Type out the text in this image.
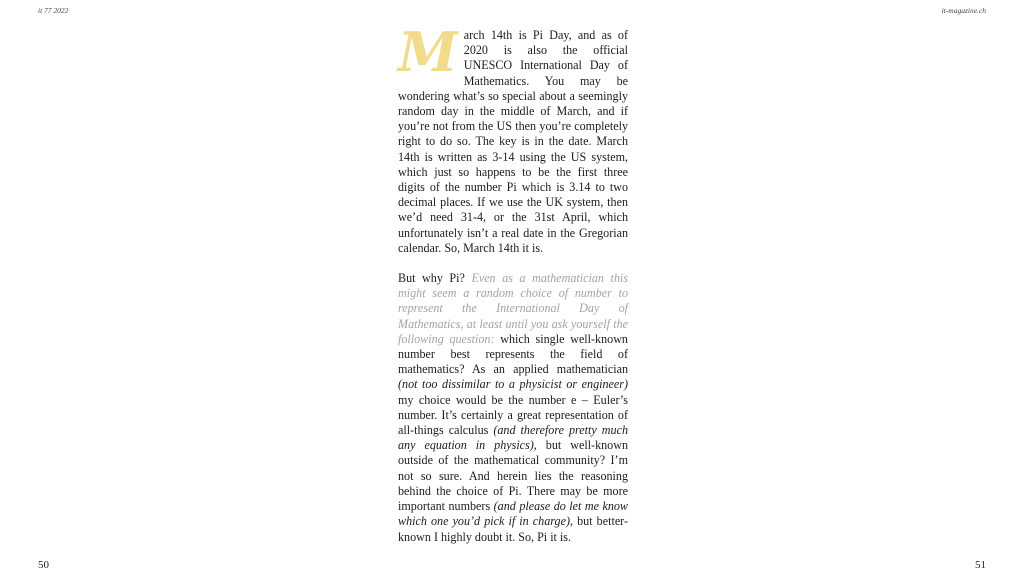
it 77 2022	it-magazine.ch

March 14th is Pi Day, and as of 2020 is also the official UNESCO International Day of Mathematics. You may be wondering what’s so special about a seemingly random day in the middle of March, and if you’re not from the US then you’re completely right to do so. The key is in the date. March 14th is written as 3-14 using the US system, which just so happens to be the first three digits of the number Pi which is 3.14 to two decimal places. If we use the UK system, then we’d need 31-4, or the 31st April, which unfortunately isn’t a real date in the Gregorian calendar. So, March 14th it is.

But why Pi? Even as a mathematician this might seem a random choice of number to represent the International Day of Mathematics, at least until you ask yourself the following question: which single well-known number best represents the field of mathematics? As an applied mathematician (not too dissimilar to a physicist or engineer) my choice would be the number e – Euler’s number. It’s certainly a great representation of all-things calculus (and therefore pretty much any equation in physics), but well-known outside of the mathematical community? I’m not so sure. And herein lies the reasoning behind the choice of Pi. There may be more important numbers (and please do let me know which one you’d pick if in charge), but better-known I highly doubt it. So, Pi it is.

50	51
